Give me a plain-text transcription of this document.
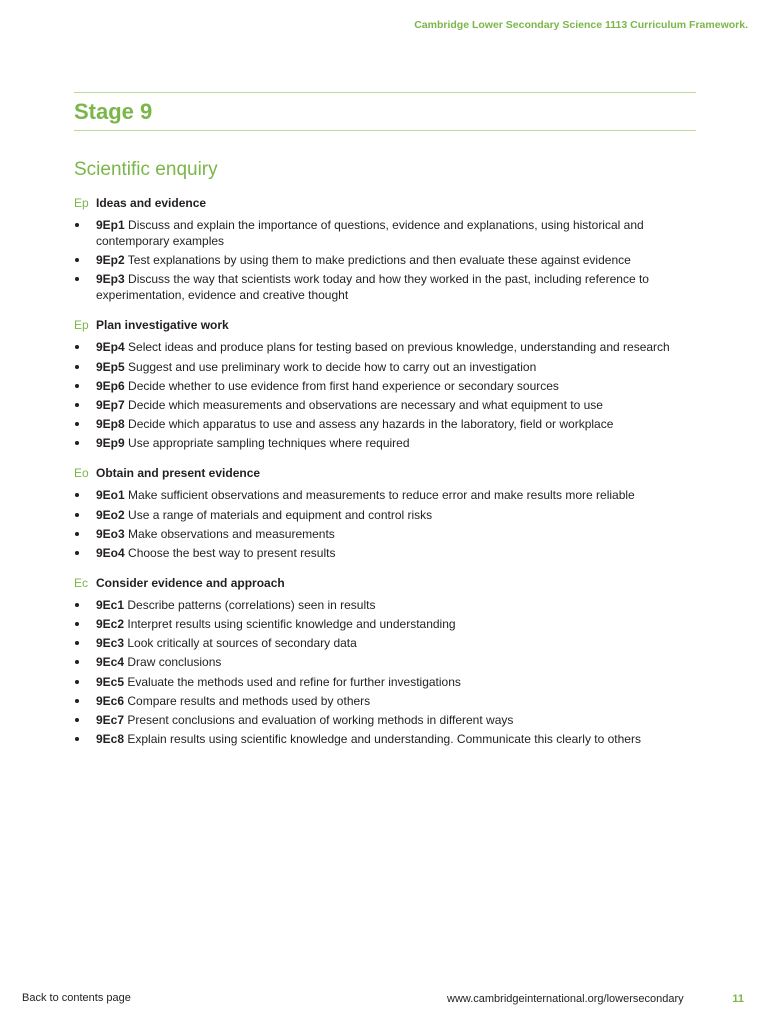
Cambridge Lower Secondary Science 1113 Curriculum Framework.
Stage 9
Scientific enquiry
Ep Ideas and evidence
9Ep1 Discuss and explain the importance of questions, evidence and explanations, using historical and contemporary examples
9Ep2 Test explanations by using them to make predictions and then evaluate these against evidence
9Ep3 Discuss the way that scientists work today and how they worked in the past, including reference to experimentation, evidence and creative thought
Ep Plan investigative work
9Ep4 Select ideas and produce plans for testing based on previous knowledge, understanding and research
9Ep5 Suggest and use preliminary work to decide how to carry out an investigation
9Ep6 Decide whether to use evidence from first hand experience or secondary sources
9Ep7 Decide which measurements and observations are necessary and what equipment to use
9Ep8 Decide which apparatus to use and assess any hazards in the laboratory, field or workplace
9Ep9 Use appropriate sampling techniques where required
Eo Obtain and present evidence
9Eo1 Make sufficient observations and measurements to reduce error and make results more reliable
9Eo2 Use a range of materials and equipment and control risks
9Eo3 Make observations and measurements
9Eo4 Choose the best way to present results
Ec Consider evidence and approach
9Ec1 Describe patterns (correlations) seen in results
9Ec2 Interpret results using scientific knowledge and understanding
9Ec3 Look critically at sources of secondary data
9Ec4 Draw conclusions
9Ec5 Evaluate the methods used and refine for further investigations
9Ec6 Compare results and methods used by others
9Ec7 Present conclusions and evaluation of working methods in different ways
9Ec8 Explain results using scientific knowledge and understanding. Communicate this clearly to others
Back to contents page	www.cambridgeinternational.org/lowersecondary	11
